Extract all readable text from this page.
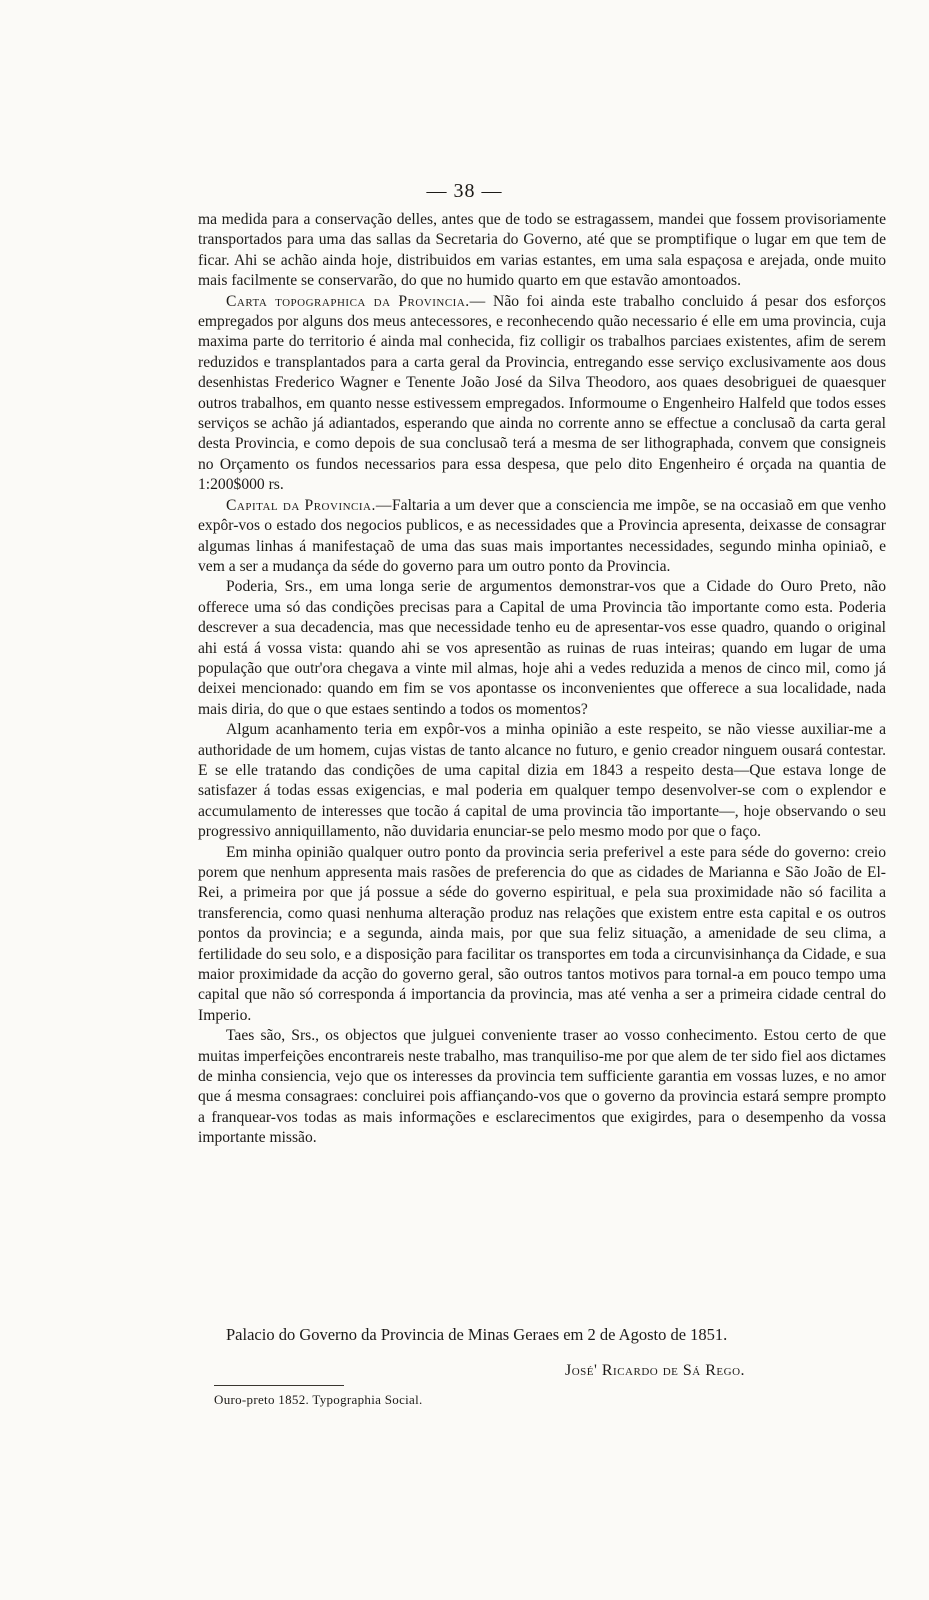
— 38 —

ma medida para a conservação delles, antes que de todo se estragassem, mandei que fossem provisoriamente transportados para uma das sallas da Secretaria do Governo, até que se promptifique o lugar em que tem de ficar. Ahi se achão ainda hoje, distribuidos em varias estantes, em uma sala espaçosa e arejada, onde muito mais facilmente se conservarão, do que no humido quarto em que estavão amontoados.

Carta topographica da Provincia.— Não foi ainda este trabalho concluido á pesar dos esforços empregados por alguns dos meus antecessores, e reconhecendo quão necessario é elle em uma provincia, cuja maxima parte do territorio é ainda mal conhecida, fiz colligir os trabalhos parciaes existentes, afim de serem reduzidos e transplantados para a carta geral da Provincia, entregando esse serviço exclusivamente aos dous desenhistas Frederico Wagner e Tenente João José da Silva Theodoro, aos quaes desobriguei de quaesquer outros trabalhos, em quanto nesse estivessem empregados. Informoume o Engenheiro Halfeld que todos esses serviços se achão já adiantados, esperando que ainda no corrente anno se effectue a conclusaõ da carta geral desta Provincia, e como depois de sua conclusaõ terá a mesma de ser lithographada, convem que consigneis no Orçamento os fundos necessarios para essa despesa, que pelo dito Engenheiro é orçada na quantia de 1:200$000 rs.

Capital da Provincia.—Faltaria a um dever que a consciencia me impõe, se na occasiaõ em que venho expôr-vos o estado dos negocios publicos, e as necessidades que a Provincia apresenta, deixasse de consagrar algumas linhas á manifestaçaõ de uma das suas mais importantes necessidades, segundo minha opiniaõ, e vem a ser a mudança da séde do governo para um outro ponto da Provincia.

Poderia, Srs., em uma longa serie de argumentos demonstrar-vos que a Cidade do Ouro Preto, não offerece uma só das condições precisas para a Capital de uma Provincia tão importante como esta. Poderia descrever a sua decadencia, mas que necessidade tenho eu de apresentar-vos esse quadro, quando o original ahi está á vossa vista: quando ahi se vos apresentão as ruinas de ruas inteiras; quando em lugar de uma população que outr'ora chegava a vinte mil almas, hoje ahi a vedes reduzida a menos de cinco mil, como já deixei mencionado: quando em fim se vos apontasse os inconvenientes que offerece a sua localidade, nada mais diria, do que o que estaes sentindo a todos os momentos?

Algum acanhamento teria em expôr-vos a minha opinião a este respeito, se não viesse auxiliar-me a authoridade de um homem, cujas vistas de tanto alcance no futuro, e genio creador ninguem ousará contestar. E se elle tratando das condições de uma capital dizia em 1843 a respeito desta—Que estava longe de satisfazer á todas essas exigencias, e mal poderia em qualquer tempo desenvolver-se com o explendor e accumulamento de interesses que tocão á capital de uma provincia tão importante—, hoje observando o seu progressivo anniquillamento, não duvidaria enunciar-se pelo mesmo modo por que o faço.

Em minha opinião qualquer outro ponto da provincia seria preferivel a este para séde do governo: creio porem que nenhum appresenta mais rasões de preferencia do que as cidades de Marianna e São João de El-Rei, a primeira por que já possue a séde do governo espiritual, e pela sua proximidade não só facilita a transferencia, como quasi nenhuma alteração produz nas relações que existem entre esta capital e os outros pontos da provincia; e a segunda, ainda mais, por que sua feliz situação, a amenidade de seu clima, a fertilidade do seu solo, e a disposição para facilitar os transportes em toda a circunvisinhança da Cidade, e sua maior proximidade da acção do governo geral, são outros tantos motivos para tornal-a em pouco tempo uma capital que não só corresponda á importancia da provincia, mas até venha a ser a primeira cidade central do Imperio.

Taes são, Srs., os objectos que julguei conveniente traser ao vosso conhecimento. Estou certo de que muitas imperfeições encontrareis neste trabalho, mas tranquiliso-me por que alem de ter sido fiel aos dictames de minha consiencia, vejo que os interesses da provincia tem sufficiente garantia em vossas luzes, e no amor que á mesma consagraes: concluirei pois affiançando-vos que o governo da provincia estará sempre prompto a franquear-vos todas as mais informações e esclarecimentos que exigirdes, para o desempenho da vossa importante missão.

Palacio do Governo da Provincia de Minas Geraes em 2 de Agosto de 1851.
José' Ricardo de Sá Rego.
Ouro-preto 1852. Typographia Social.
